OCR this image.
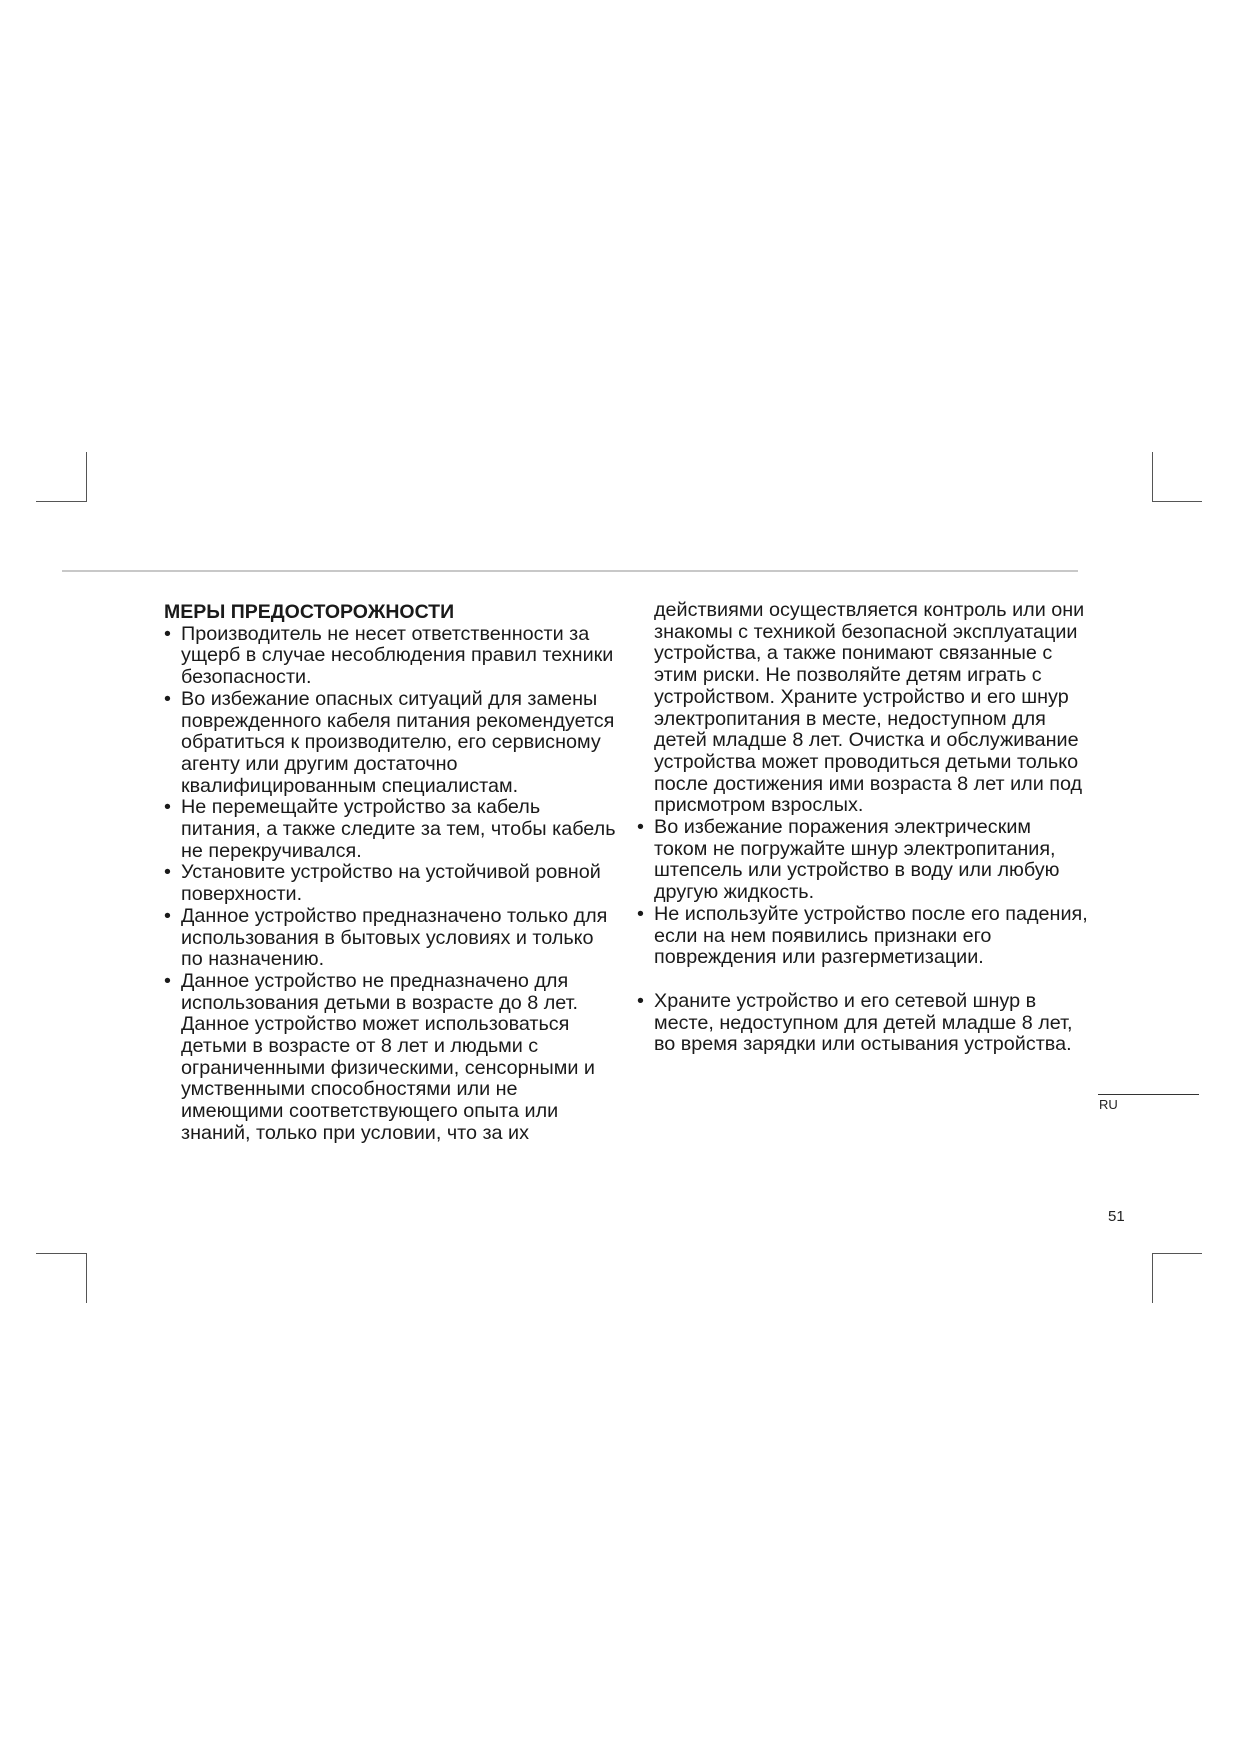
МЕРЫ ПРЕДОСТОРОЖНОСТИ
• Производитель не несет ответственности за ущерб в случае несоблюдения правил техники безопасности.
• Во избежание опасных ситуаций для замены поврежденного кабеля питания рекомендуется обратиться к производителю, его сервисному агенту или другим достаточно квалифицированным специалистам.
• Не перемещайте устройство за кабель питания, а также следите за тем, чтобы кабель не перекручивался.
• Установите устройство на устойчивой ровной поверхности.
• Данное устройство предназначено только для использования в бытовых условиях и только по назначению.
• Данное устройство не предназначено для использования детьми в возрасте до 8 лет. Данное устройство может использоваться детьми в возрасте от 8 лет и людьми с ограниченными физическими, сенсорными и умственными способностями или не имеющими соответствующего опыта или знаний, только при условии, что за их
действиями осуществляется контроль или они знакомы с техникой безопасной эксплуатации устройства, а также понимают связанные с этим риски. Не позволяйте детям играть с устройством. Храните устройство и его шнур электропитания в месте, недоступном для детей младше 8 лет. Очистка и обслуживание устройства может проводиться детьми только после достижения ими возраста 8 лет или под присмотром взрослых.
• Во избежание поражения электрическим током не погружайте шнур электропитания, штепсель или устройство в воду или любую другую жидкость.
• Не используйте устройство после его падения, если на нем появились признаки его повреждения или разгерметизации.
• Храните устройство и его сетевой шнур в месте, недоступном для детей младше 8 лет, во время зарядки или остывания устройства.
RU
51
